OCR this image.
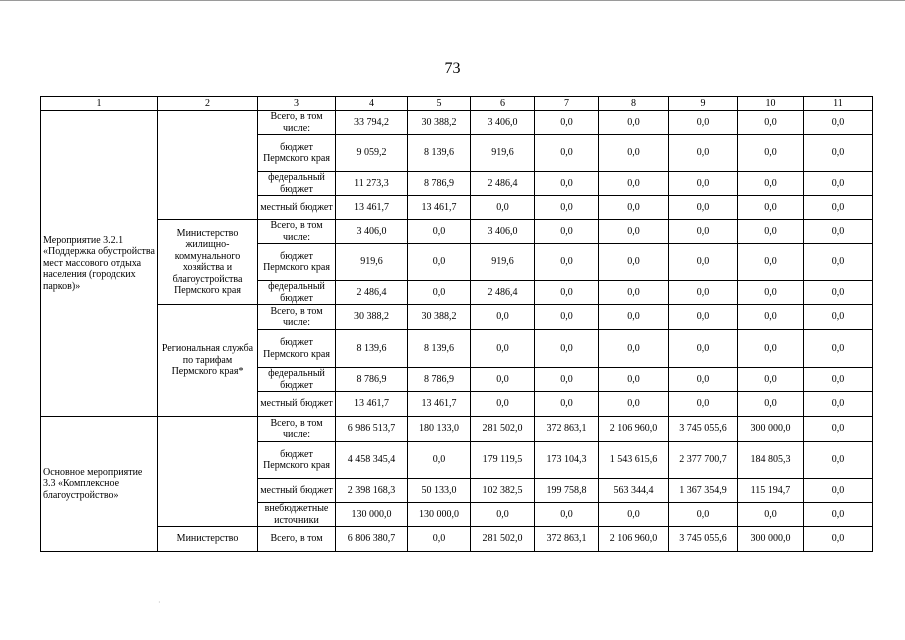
73
1	2	3	4	5	6	7	8	9	10	11
Мероприятие 3.2.1 «Поддержка обустройства мест массового отдыха населения (городских парков)»		Всего, в том числе:	33 794,2	30 388,2	3 406,0	0,0	0,0	0,0	0,0	0,0
		бюджет Пермского края	9 059,2	8 139,6	919,6	0,0	0,0	0,0	0,0	0,0
		федеральный бюджет	11 273,3	8 786,9	2 486,4	0,0	0,0	0,0	0,0	0,0
		местный бюджет	13 461,7	13 461,7	0,0	0,0	0,0	0,0	0,0	0,0
	Министерство жилищно-коммунального хозяйства и благоустройства Пермского края	Всего, в том числе:	3 406,0	0,0	3 406,0	0,0	0,0	0,0	0,0	0,0
		бюджет Пермского края	919,6	0,0	919,6	0,0	0,0	0,0	0,0	0,0
		федеральный бюджет	2 486,4	0,0	2 486,4	0,0	0,0	0,0	0,0	0,0
	Региональная служба по тарифам Пермского края*	Всего, в том числе:	30 388,2	30 388,2	0,0	0,0	0,0	0,0	0,0	0,0
		бюджет Пермского края	8 139,6	8 139,6	0,0	0,0	0,0	0,0	0,0	0,0
		федеральный бюджет	8 786,9	8 786,9	0,0	0,0	0,0	0,0	0,0	0,0
		местный бюджет	13 461,7	13 461,7	0,0	0,0	0,0	0,0	0,0	0,0
Основное мероприятие 3.3 «Комплексное благоустройство»		Всего, в том числе:	6 986 513,7	180 133,0	281 502,0	372 863,1	2 106 960,0	3 745 055,6	300 000,0	0,0
		бюджет Пермского края	4 458 345,4	0,0	179 119,5	173 104,3	1 543 615,6	2 377 700,7	184 805,3	0,0
		местный бюджет	2 398 168,3	50 133,0	102 382,5	199 758,8	563 344,4	1 367 354,9	115 194,7	0,0
		внебюджетные источники	130 000,0	130 000,0	0,0	0,0	0,0	0,0	0,0	0,0
	Министерство	Всего, в том	6 806 380,7	0,0	281 502,0	372 863,1	2 106 960,0	3 745 055,6	300 000,0	0,0
·
